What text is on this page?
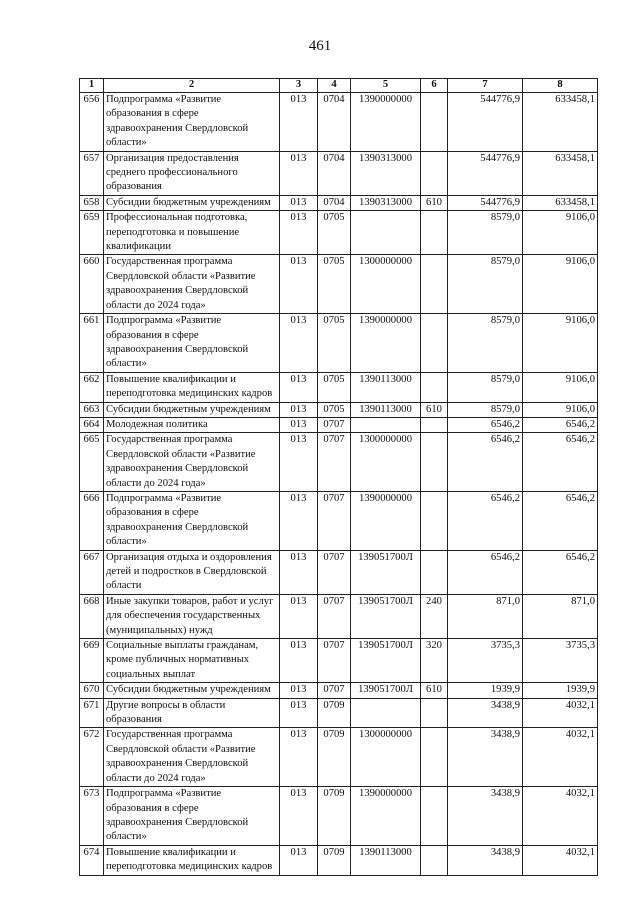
461
1	2	3	4	5	6	7	8
656	Подпрограмма «Развитие
образования в сфере
здравоохранения Свердловской
области»	013	0704	1390000000		544776,9	633458,1
657	Организация предоставления
среднего профессионального
образования	013	0704	1390313000		544776,9	633458,1
658	Субсидии бюджетным учреждениям	013	0704	1390313000	610	544776,9	633458,1
659	Профессиональная подготовка,
переподготовка и повышение
квалификации	013	0705			8579,0	9106,0
660	Государственная программа
Свердловской области «Развитие
здравоохранения Свердловской
области до 2024 года»	013	0705	1300000000		8579,0	9106,0
661	Подпрограмма «Развитие
образования в сфере
здравоохранения Свердловской
области»	013	0705	1390000000		8579,0	9106,0
662	Повышение квалификации и
переподготовка медицинских кадров	013	0705	1390113000		8579,0	9106,0
663	Субсидии бюджетным учреждениям	013	0705	1390113000	610	8579,0	9106,0
664	Молодежная политика	013	0707			6546,2	6546,2
665	Государственная программа
Свердловской области «Развитие
здравоохранения Свердловской
области до 2024 года»	013	0707	1300000000		6546,2	6546,2
666	Подпрограмма «Развитие
образования в сфере
здравоохранения Свердловской
области»	013	0707	1390000000		6546,2	6546,2
667	Организация отдыха и оздоровления
детей и подростков в Свердловской
области	013	0707	139051700Л		6546,2	6546,2
668	Иные закупки товаров, работ и услуг
для обеспечения государственных
(муниципальных) нужд	013	0707	139051700Л	240	871,0	871,0
669	Социальные выплаты гражданам,
кроме публичных нормативных
социальных выплат	013	0707	139051700Л	320	3735,3	3735,3
670	Субсидии бюджетным учреждениям	013	0707	139051700Л	610	1939,9	1939,9
671	Другие вопросы в области
образования	013	0709			3438,9	4032,1
672	Государственная программа
Свердловской области «Развитие
здравоохранения Свердловской
области до 2024 года»	013	0709	1300000000		3438,9	4032,1
673	Подпрограмма «Развитие
образования в сфере
здравоохранения Свердловской
области»	013	0709	1390000000		3438,9	4032,1
674	Повышение квалификации и
переподготовка медицинских кадров	013	0709	1390113000		3438,9	4032,1
